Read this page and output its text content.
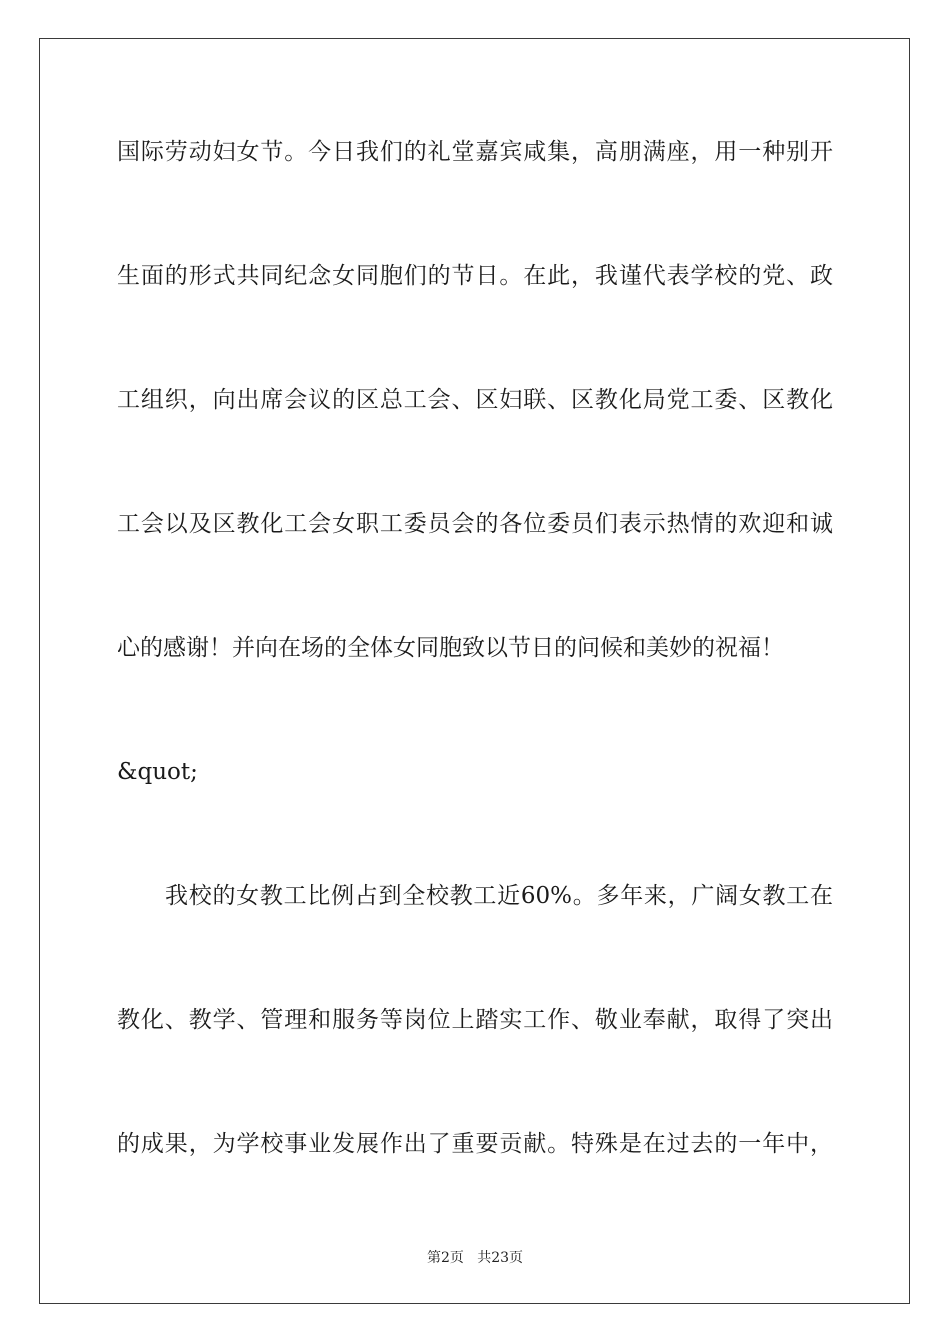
国际劳动妇女节。今日我们的礼堂嘉宾咸集，高朋满座，用一种别开
生面的形式共同纪念女同胞们的节日。在此，我谨代表学校的党、政
工组织，向出席会议的区总工会、区妇联、区教化局党工委、区教化
工会以及区教化工会女职工委员会的各位委员们表示热情的欢迎和诚
心的感谢！并向在场的全体女同胞致以节日的问候和美妙的祝福！
&quot;
我校的女教工比例占到全校教工近60%。多年来，广阔女教工在
教化、教学、管理和服务等岗位上踏实工作、敬业奉献，取得了突出
的成果，为学校事业发展作出了重要贡献。特殊是在过去的一年中，
第2页 共23页
